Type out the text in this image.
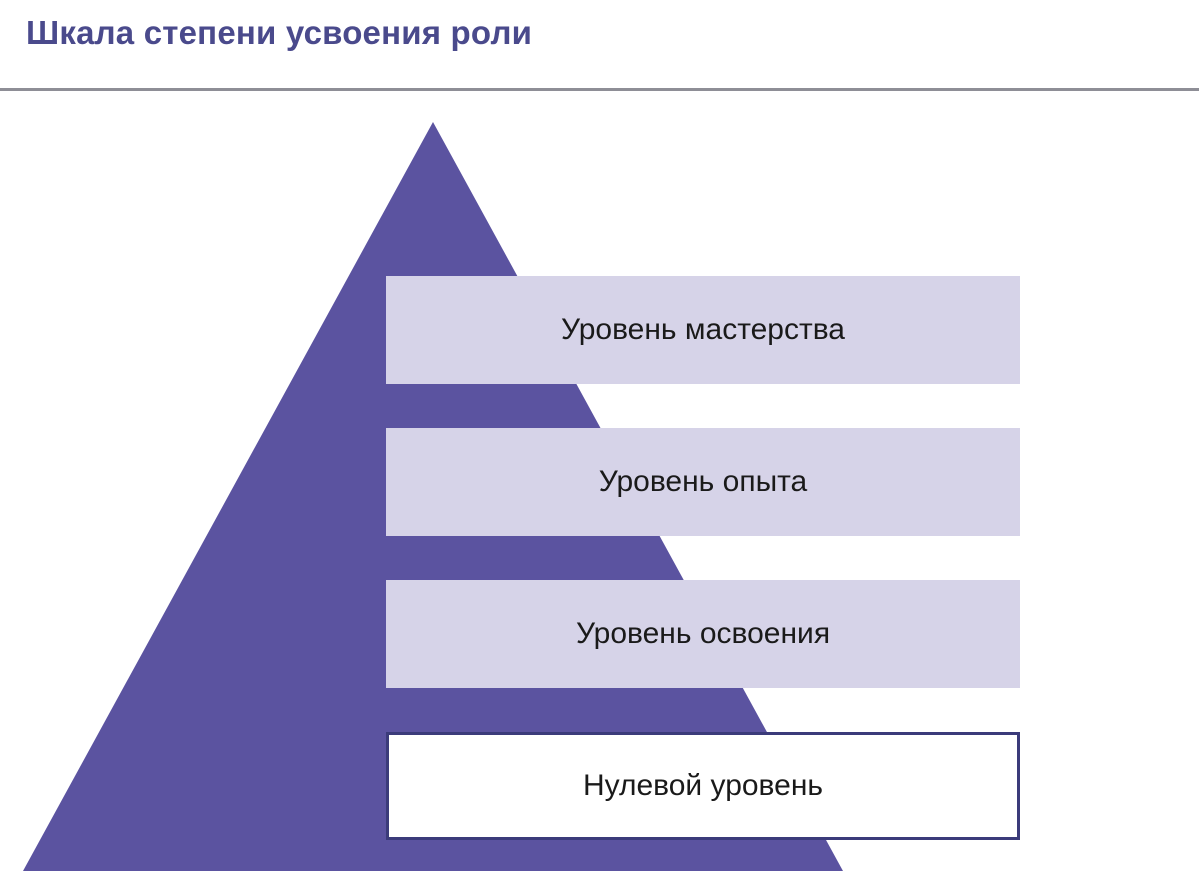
Шкала степени усвоения роли
Уровень мастерства
Уровень опыта
Уровень освоения
Нулевой уровень
